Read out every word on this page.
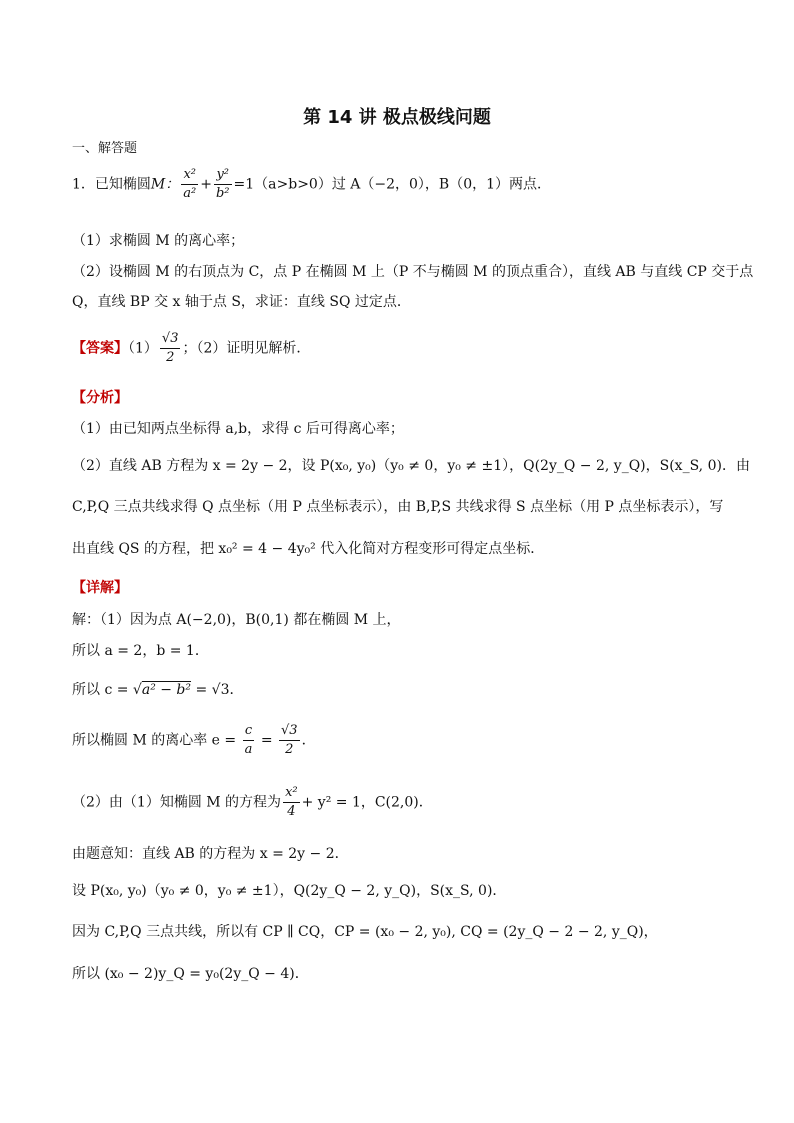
第 14 讲 极点极线问题
一、解答题
1．已知椭圆M： $\frac{\text{x²}}{\text{a²}} + \frac{\text{y²}}{\text{b²}} =1(a>b>0)$过 A（−2，0），B（0，1）两点．
（1）求椭圆 M 的离心率；
（2）设椭圆 M 的右顶点为 C，点 P 在椭圆 M 上（P 不与椭圆 M 的顶点重合），直线 AB 与直线 CP 交于点
Q，直线 BP 交 x 轴于点 S，求证：直线 SQ 过定点．
【答案】$(1) \frac{√3}{2}$ ；（2）证明见解析．
【分析】
（1）由已知两点坐标得 a,b，求得 c 后可得离心率；
（2）直线 AB 方程为 x = 2y − 2，设 P(x₀, y₀)（y₀ ≠ 0，y₀ ≠ ±1），Q(2y_Q − 2, y_Q)，S(x_S, 0)．由
C,P,Q 三点共线求得 Q 点坐标（用 P 点坐标表示），由 B,P,S 共线求得 S 点坐标（用 P 点坐标表示），写
出直线 QS 的方程，把 x₀² = 4 − 4y₀² 代入化简对方程变形可得定点坐标．
【详解】
解：（1）因为点 A(−2,0)，B(0,1) 都在椭圆 M 上，
所以 a = 2，b = 1．
所以 c = √a² − b² = √3．
所以椭圆 M 的离心率 $e = \frac{c}{a} = \frac{√3}{2}$ ．
（2）由（1）知椭圆 M 的方程为 $\frac{\text{x²}}{4} + y^2 = 1$，C(2,0)．
由题意知：直线 AB 的方程为 x = 2y − 2．
设 P(x₀, y₀)（y₀ ≠ 0，y₀ ≠ ±1），Q(2y_Q − 2, y_Q)，S(x_S, 0)．
因为 C,P,Q 三点共线，所以有 CP ∥ CQ，CP = (x₀ − 2, y₀), CQ = (2y_Q − 2 − 2, y_Q)，
所以 (x₀ − 2)y_Q = y₀(2y_Q − 4)．
